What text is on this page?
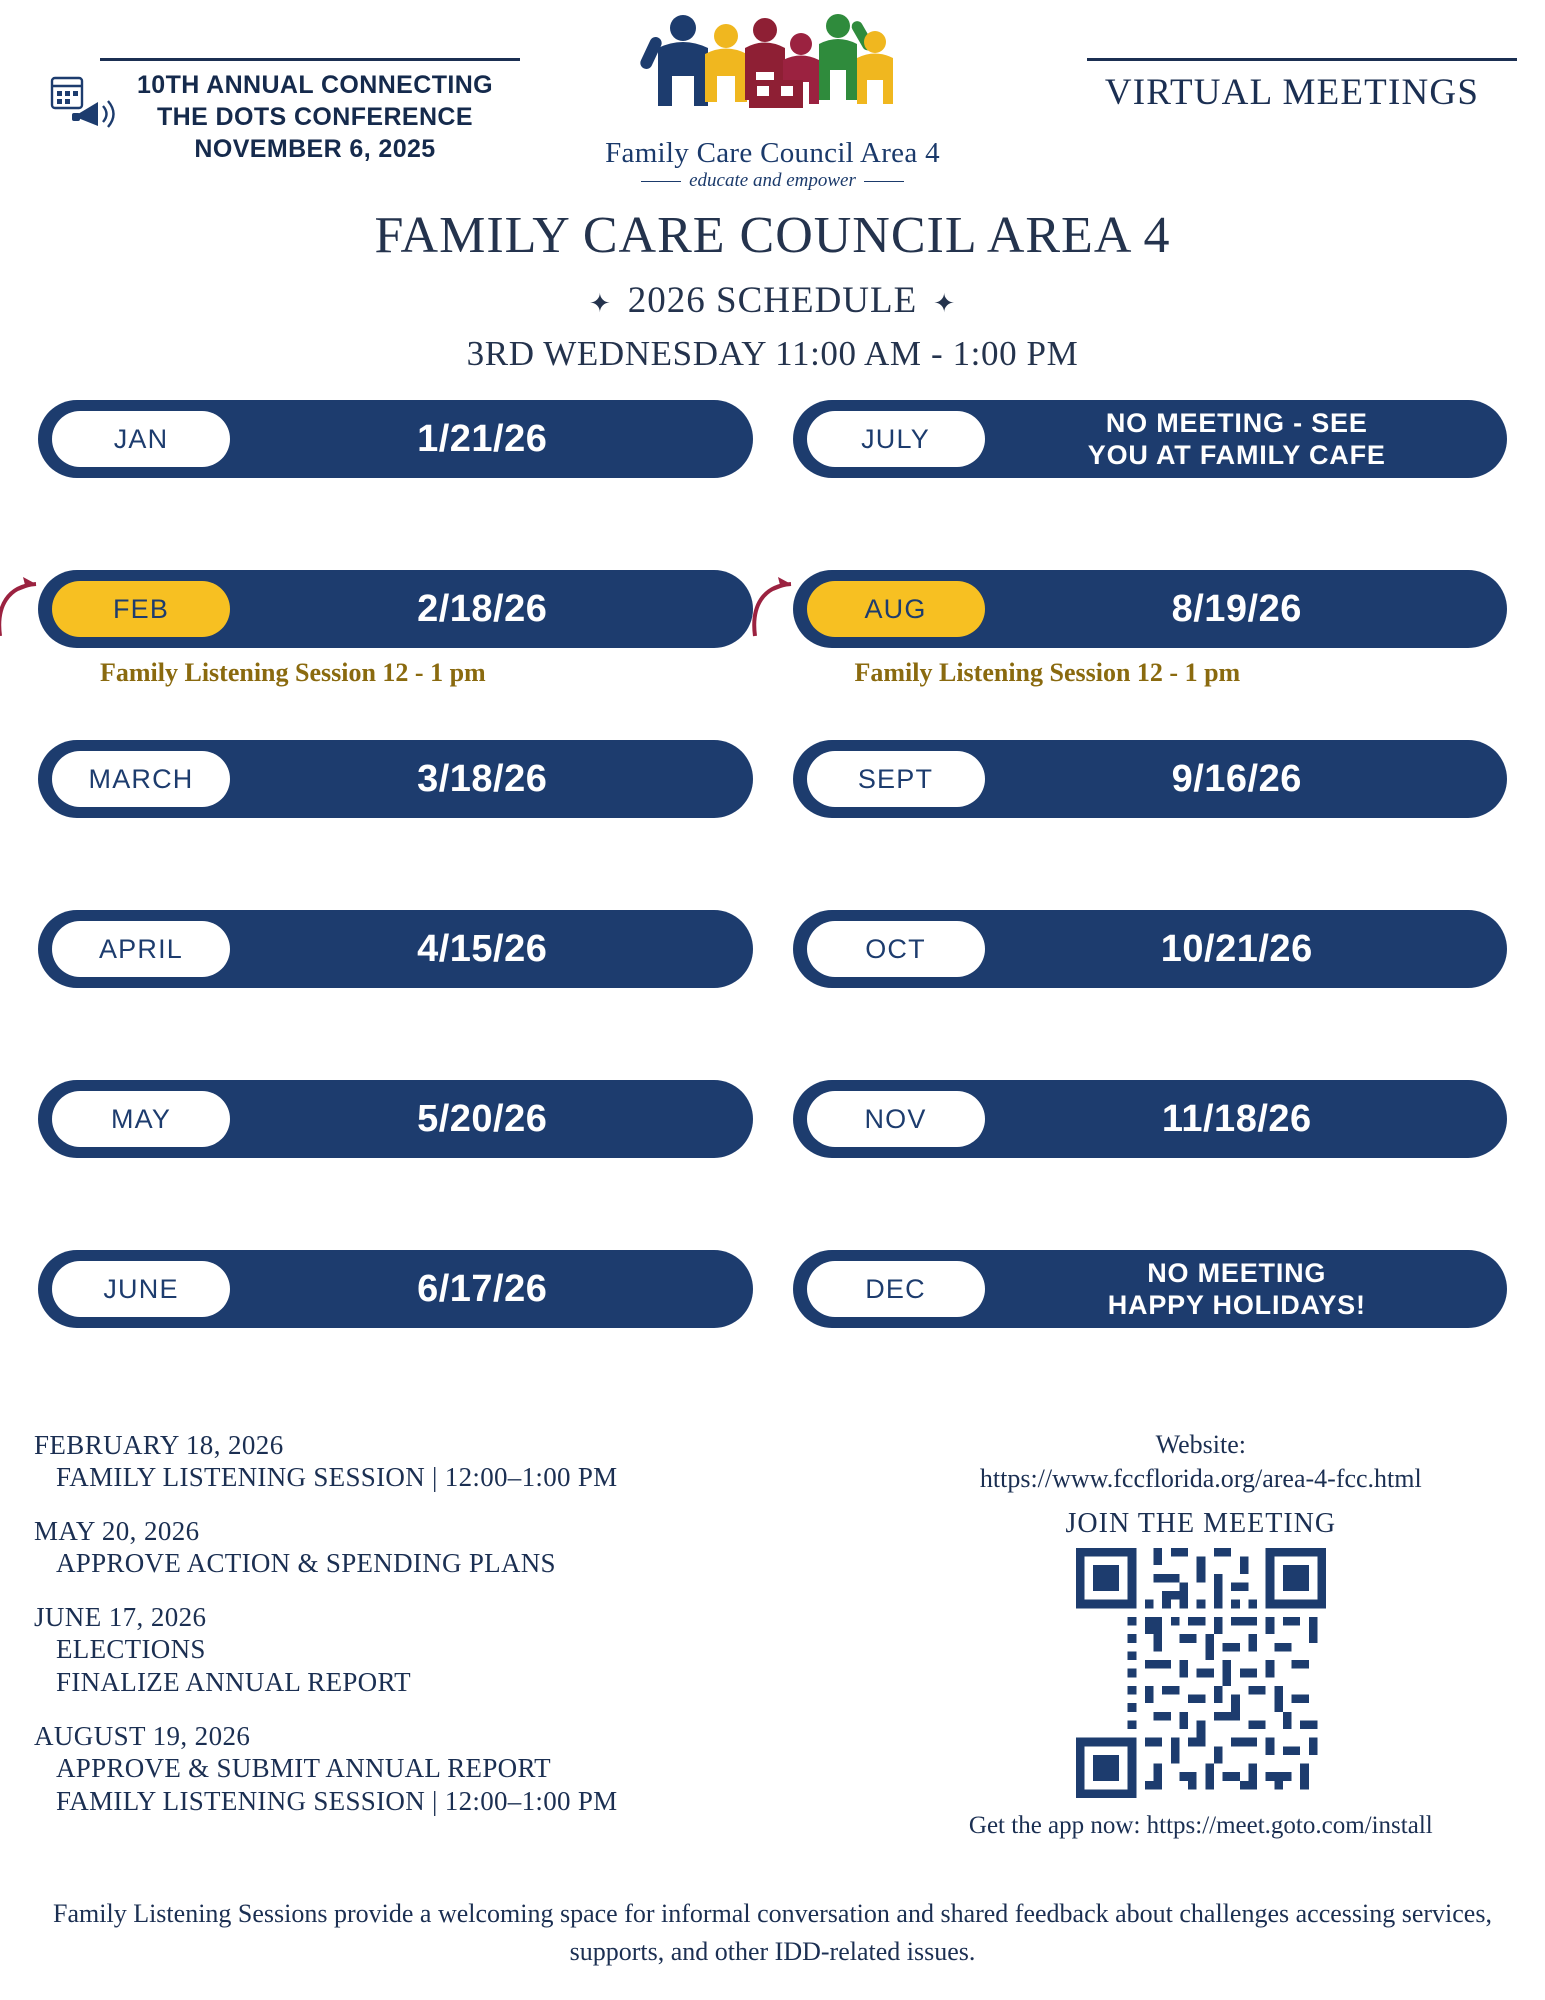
10TH ANNUAL CONNECTING
THE DOTS CONFERENCE
NOVEMBER 6, 2025	Family Care Council Area 4
educate and empower
VIRTUAL MEETINGS
FAMILY CARE COUNCIL AREA 4
✦ 2026 SCHEDULE ✦
3RD WEDNESDAY 11:00 AM - 1:00 PM
JAN	1/21/26	JULY
NO MEETING - SEE
YOU AT FAMILY CAFE
FEB	2/18/26
Family Listening Session 12 - 1 pm
AUG	8/19/26
Family Listening Session 12 - 1 pm
MARCH	3/18/26	SEPT	9/16/26
APRIL	4/15/26	OCT	10/21/26
MAY	5/20/26	NOV	11/18/26
JUNE	6/17/26	DEC
NO MEETING
HAPPY HOLIDAYS!
FEBRUARY 18, 2026
FAMILY LISTENING SESSION | 12:00–1:00 PM
MAY 20, 2026
APPROVE ACTION & SPENDING PLANS
JUNE 17, 2026
ELECTIONS
FINALIZE ANNUAL REPORT
AUGUST 19, 2026
APPROVE & SUBMIT ANNUAL REPORT
FAMILY LISTENING SESSION | 12:00–1:00 PM
Website:
https://www.fccflorida.org/area-4-fcc.html
JOIN THE MEETING
Get the app now: https://meet.goto.com/install
Family Listening Sessions provide a welcoming space for informal conversation and shared feedback about challenges accessing services, supports, and other IDD-related issues.
